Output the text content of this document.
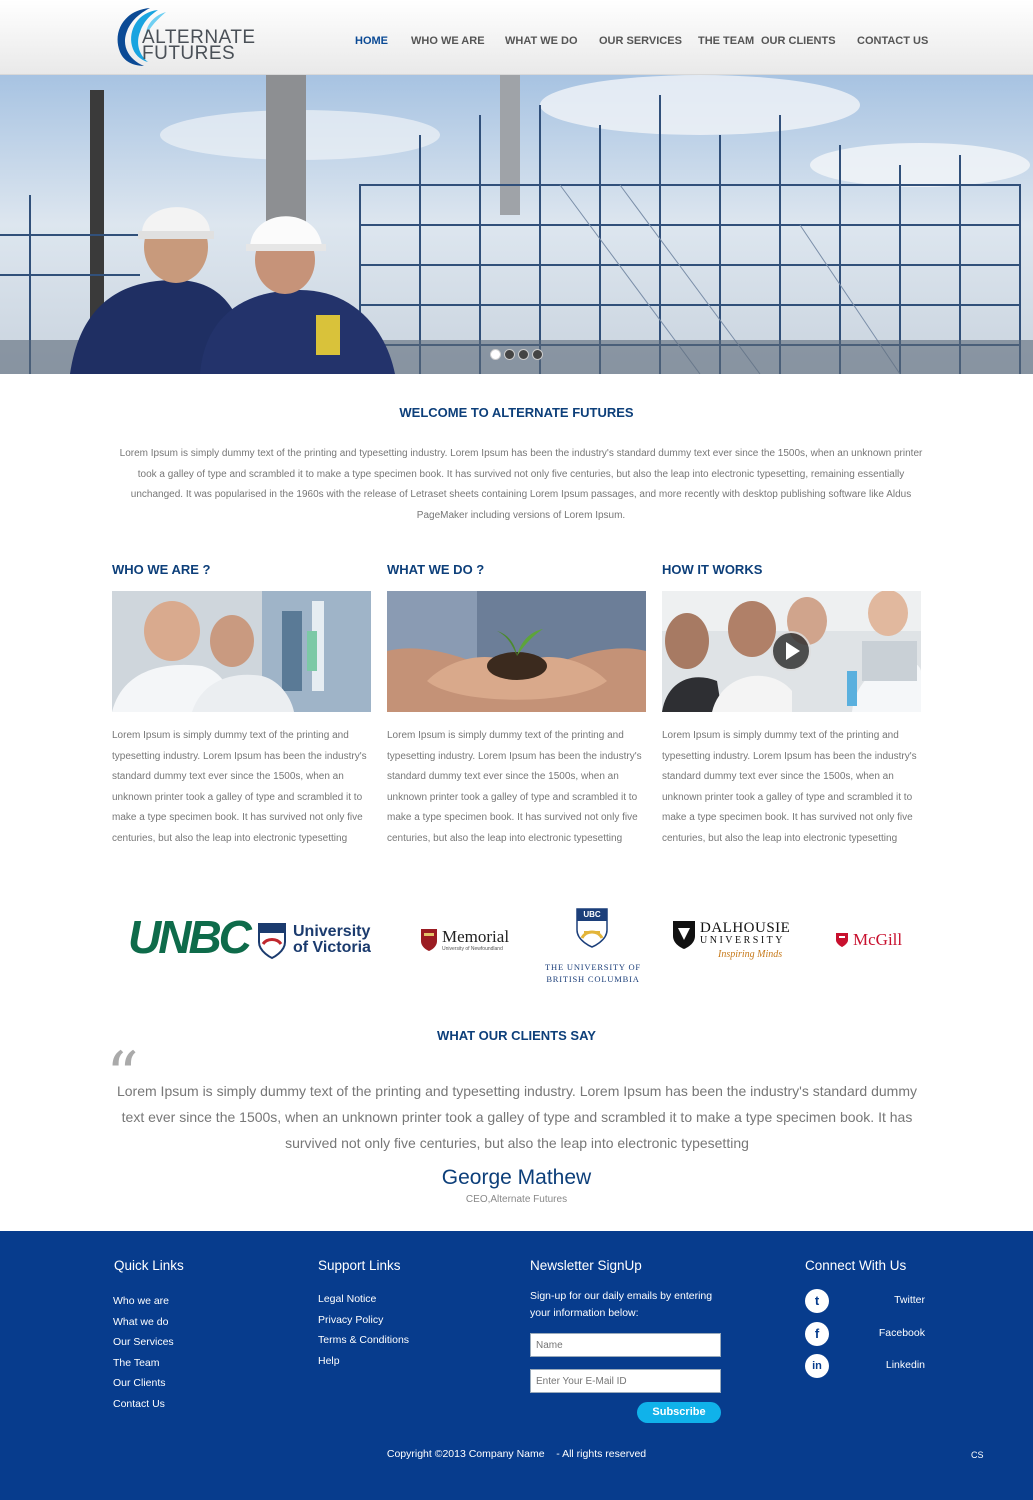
ALTERNATE
FUTURES
HOME WHO WE ARE WHAT WE DO OUR SERVICES THE TEAM OUR CLIENTS CONTACT US
WELCOME TO ALTERNATE FUTURES
Lorem Ipsum is simply dummy text of the printing and typesetting industry. Lorem Ipsum has been the industry's standard dummy text ever since the 1500s, when an unknown printer took a galley of type and scrambled it to make a type specimen book. It has survived not only five centuries, but also the leap into electronic typesetting, remaining essentially unchanged. It was popularised in the 1960s with the release of Letraset sheets containing Lorem Ipsum passages, and more recently with desktop publishing software like Aldus PageMaker including versions of Lorem Ipsum.
WHO WE ARE ?

Lorem Ipsum is simply dummy text of the printing and typesetting industry. Lorem Ipsum has been the industry's standard dummy text ever since the 1500s, when an unknown printer took a galley of type and scrambled it to make a type specimen book. It has survived not only five centuries, but also the leap into electronic typesetting

WHAT WE DO ?

Lorem Ipsum is simply dummy text of the printing and typesetting industry. Lorem Ipsum has been the industry's standard dummy text ever since the 1500s, when an unknown printer took a galley of type and scrambled it to make a type specimen book. It has survived not only five centuries, but also the leap into electronic typesetting

HOW IT WORKS

Lorem Ipsum is simply dummy text of the printing and typesetting industry. Lorem Ipsum has been the industry's standard dummy text ever since the 1500s, when an unknown printer took a galley of type and scrambled it to make a type specimen book. It has survived not only five centuries, but also the leap into electronic typesetting

UNBC	University
of Victoria
Memorial
University of Newfoundland
UBC
THE UNIVERSITY OF
BRITISH COLUMBIA
DALHOUSIE
UNIVERSITY
Inspiring Minds
McGill
WHAT OUR CLIENTS SAY
“
Lorem Ipsum is simply dummy text of the printing and typesetting industry. Lorem Ipsum has been the industry's standard dummy text ever since the 1500s, when an unknown printer took a galley of type and scrambled it to make a type specimen book. It has survived not only five centuries, but also the leap into electronic typesetting
George Mathew
CEO,Alternate Futures
Quick Links
Who we are
What we do
Our Services
The Team
Our Clients
Contact Us
Support Links
Legal Notice
Privacy Policy
Terms & Conditions
Help
Newsletter SignUp
Sign-up for our daily emails by entering your information below:
Name
Enter Your E-Mail ID
Subscribe
Connect With Us
t	Twitter
f	Facebook
in	Linkedin
Copyright ©2013 Company Name    - All rights reserved	CS
